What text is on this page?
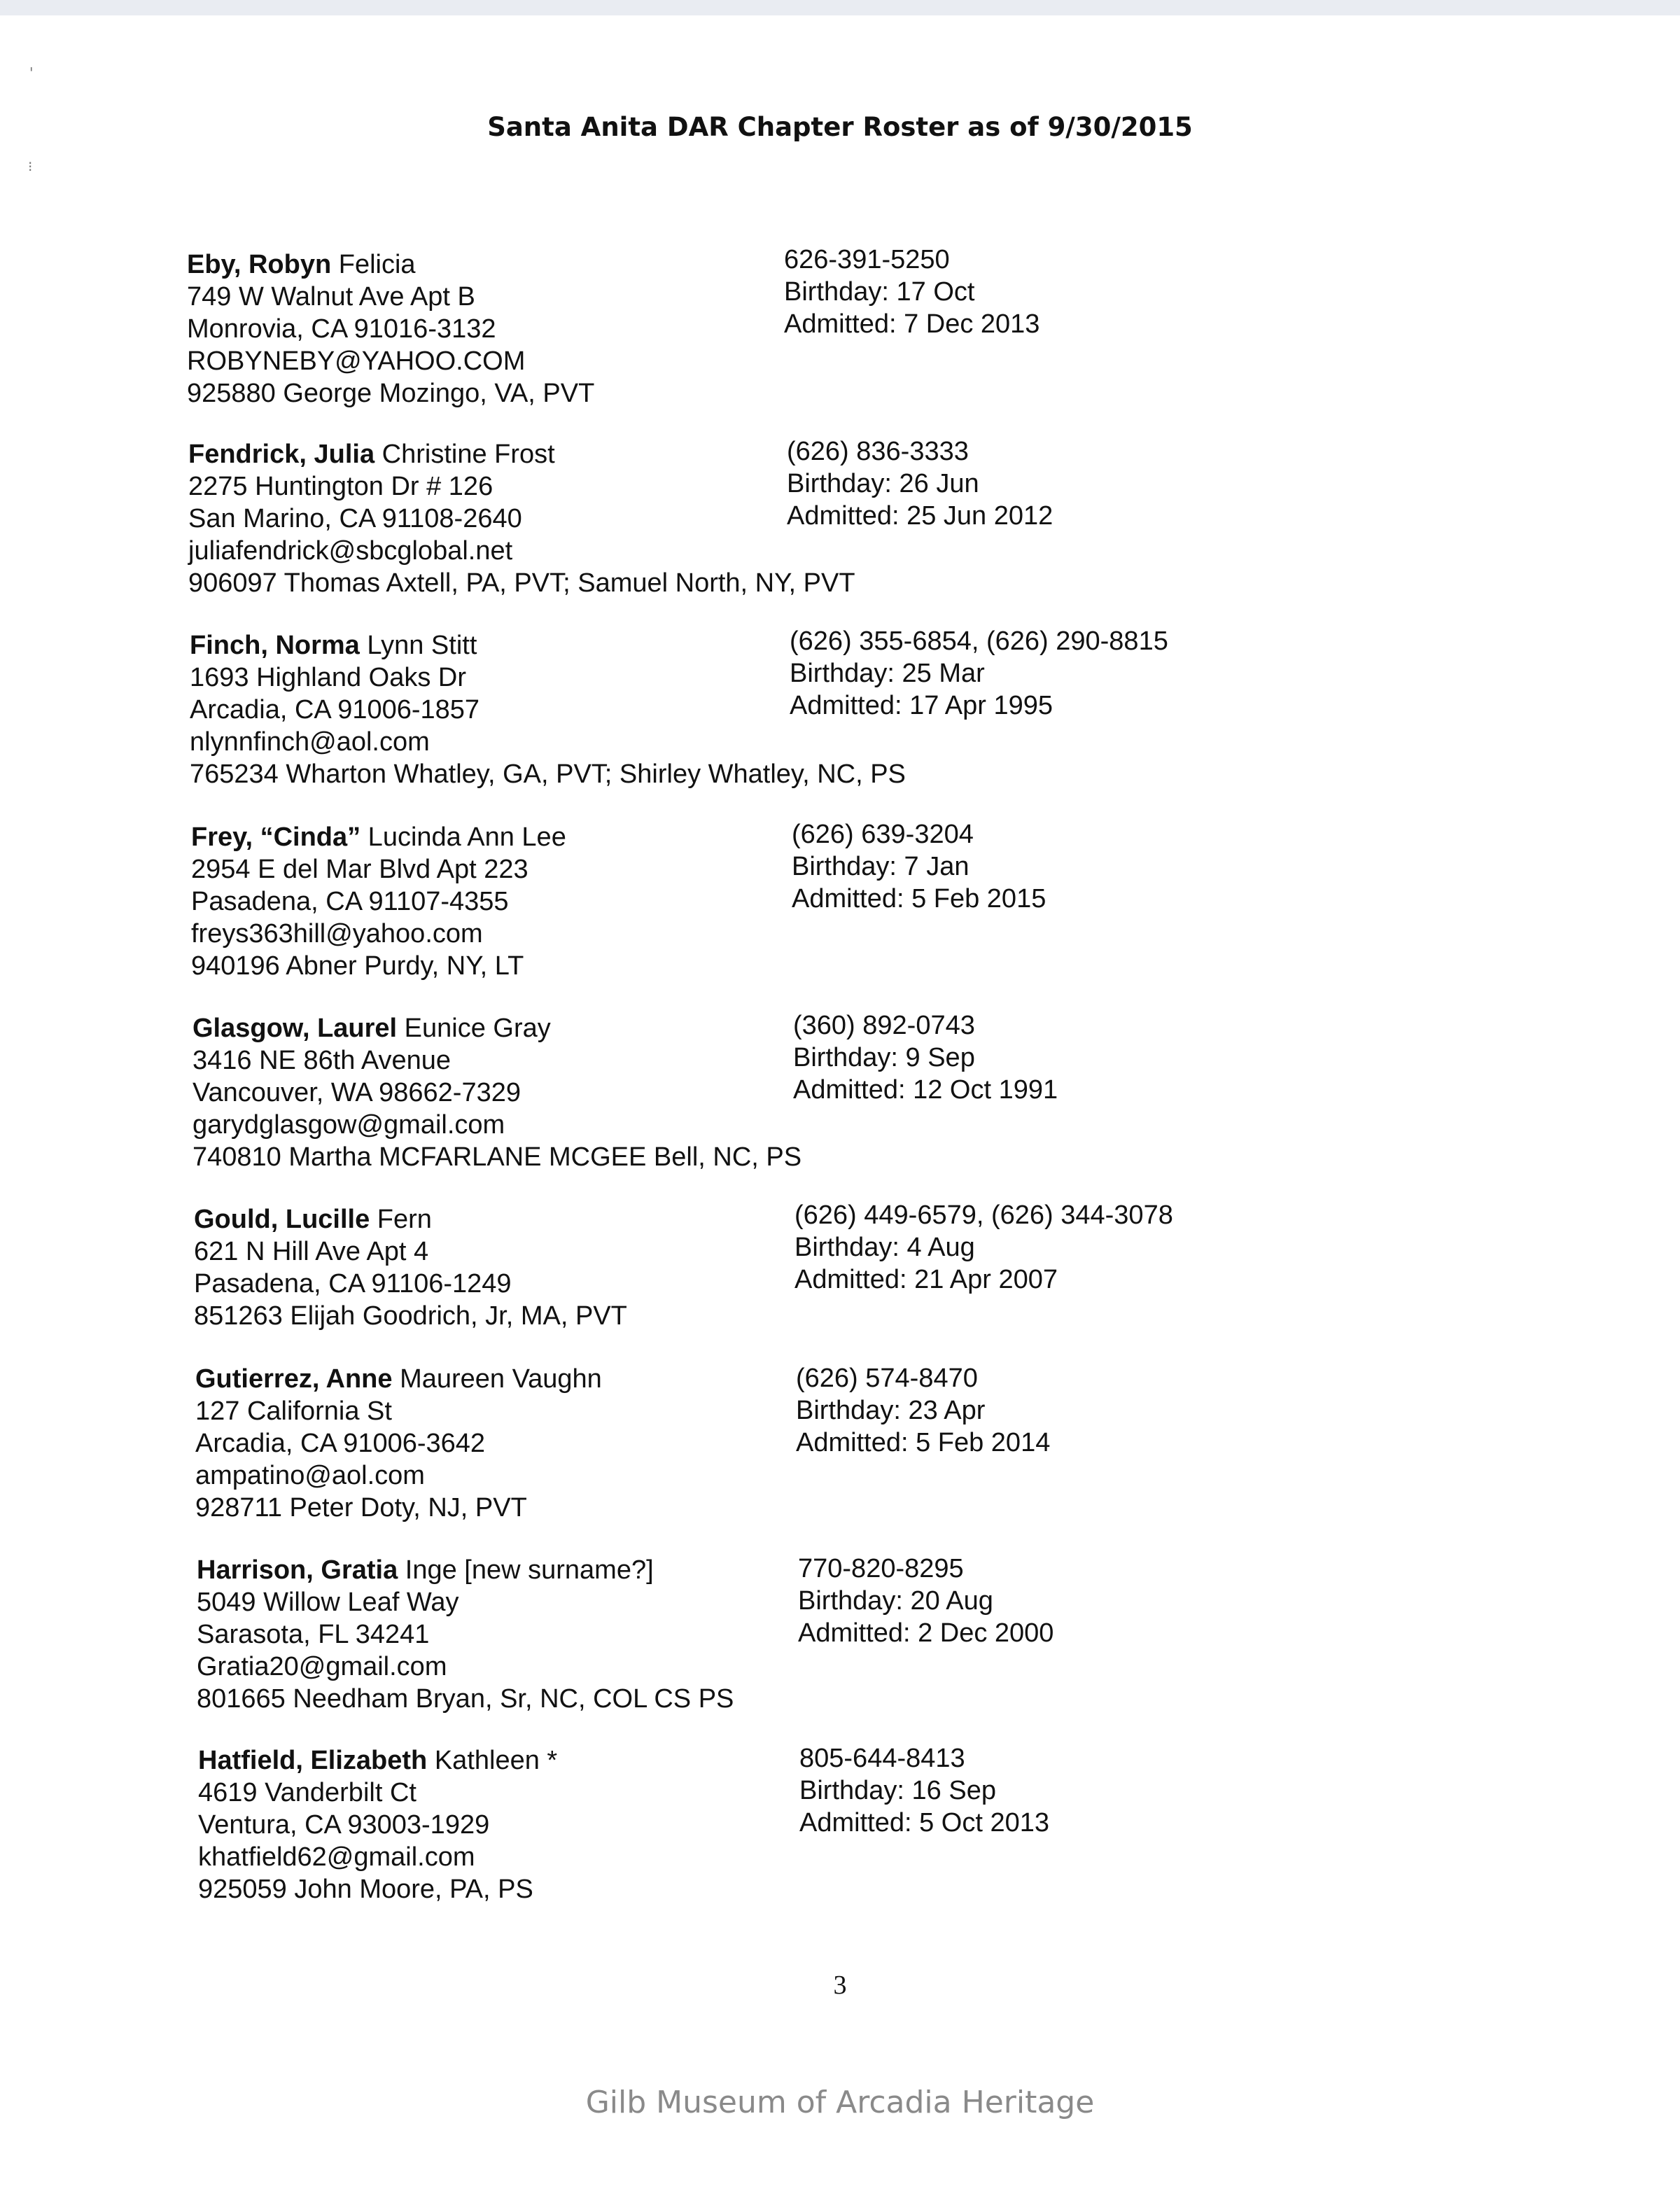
ꞌ
⁝
Santa Anita DAR Chapter Roster as of 9/30/2015
Eby, Robyn Felicia
749 W Walnut Ave Apt B
Monrovia, CA 91016-3132
ROBYNEBY@YAHOO.COM
925880 George Mozingo, VA, PVT
626-391-5250
Birthday: 17 Oct
Admitted: 7 Dec 2013
Fendrick, Julia Christine Frost
2275 Huntington Dr # 126
San Marino, CA 91108-2640
juliafendrick@sbcglobal.net
906097 Thomas Axtell, PA, PVT; Samuel North, NY, PVT
(626) 836-3333
Birthday: 26 Jun
Admitted: 25 Jun 2012
Finch, Norma Lynn Stitt
1693 Highland Oaks Dr
Arcadia, CA 91006-1857
nlynnfinch@aol.com
765234 Wharton Whatley, GA, PVT; Shirley Whatley, NC, PS
(626) 355-6854, (626) 290-8815
Birthday: 25 Mar
Admitted: 17 Apr 1995
Frey, “Cinda” Lucinda Ann Lee
2954 E del Mar Blvd Apt 223
Pasadena, CA 91107-4355
freys363hill@yahoo.com
940196 Abner Purdy, NY, LT
(626) 639-3204
Birthday: 7 Jan
Admitted: 5 Feb 2015
Glasgow, Laurel Eunice Gray
3416 NE 86th Avenue
Vancouver, WA 98662-7329
garydglasgow@gmail.com
740810 Martha MCFARLANE MCGEE Bell, NC, PS
(360) 892-0743
Birthday: 9 Sep
Admitted: 12 Oct 1991
Gould, Lucille Fern
621 N Hill Ave Apt 4
Pasadena, CA 91106-1249
851263 Elijah Goodrich, Jr, MA, PVT
(626) 449-6579, (626) 344-3078
Birthday: 4 Aug
Admitted: 21 Apr 2007
Gutierrez, Anne Maureen Vaughn
127 California St
Arcadia, CA 91006-3642
ampatino@aol.com
928711 Peter Doty, NJ, PVT
(626) 574-8470
Birthday: 23 Apr
Admitted: 5 Feb 2014
Harrison, Gratia Inge [new surname?]
5049 Willow Leaf Way
Sarasota, FL 34241
Gratia20@gmail.com
801665 Needham Bryan, Sr, NC, COL CS PS
770-820-8295
Birthday: 20 Aug
Admitted: 2 Dec 2000
Hatfield, Elizabeth Kathleen *
4619 Vanderbilt Ct
Ventura, CA 93003-1929
khatfield62@gmail.com
925059 John Moore, PA, PS
805-644-8413
Birthday: 16 Sep
Admitted: 5 Oct 2013
3
Gilb Museum of Arcadia Heritage
